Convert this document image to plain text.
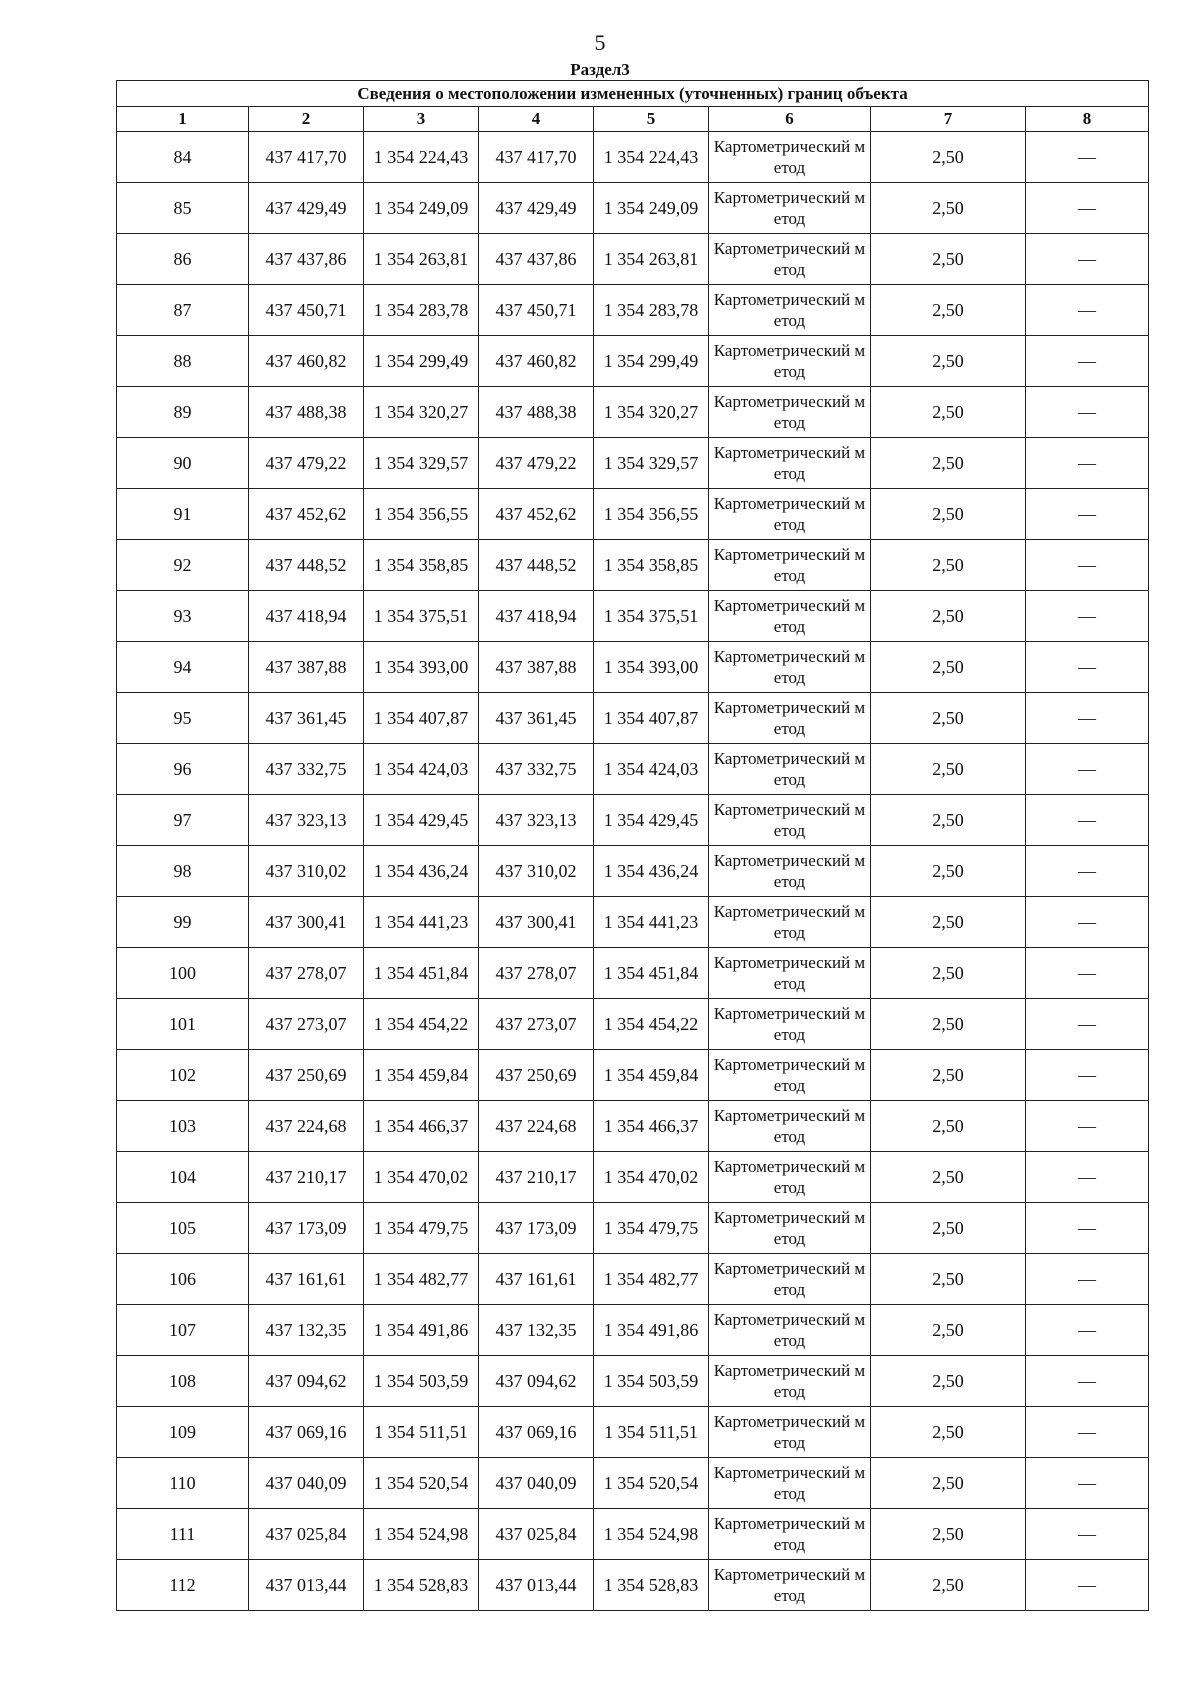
5
Раздел3
Сведения о местоположении измененных (уточненных) границ объекта							
1	2	3	4	5	6	7	8
84	437 417,70	1 354 224,43	437 417,70	1 354 224,43	Картометрический метод	2,50	—
85	437 429,49	1 354 249,09	437 429,49	1 354 249,09	Картометрический метод	2,50	—
86	437 437,86	1 354 263,81	437 437,86	1 354 263,81	Картометрический метод	2,50	—
87	437 450,71	1 354 283,78	437 450,71	1 354 283,78	Картометрический метод	2,50	—
88	437 460,82	1 354 299,49	437 460,82	1 354 299,49	Картометрический метод	2,50	—
89	437 488,38	1 354 320,27	437 488,38	1 354 320,27	Картометрический метод	2,50	—
90	437 479,22	1 354 329,57	437 479,22	1 354 329,57	Картометрический метод	2,50	—
91	437 452,62	1 354 356,55	437 452,62	1 354 356,55	Картометрический метод	2,50	—
92	437 448,52	1 354 358,85	437 448,52	1 354 358,85	Картометрический метод	2,50	—
93	437 418,94	1 354 375,51	437 418,94	1 354 375,51	Картометрический метод	2,50	—
94	437 387,88	1 354 393,00	437 387,88	1 354 393,00	Картометрический метод	2,50	—
95	437 361,45	1 354 407,87	437 361,45	1 354 407,87	Картометрический метод	2,50	—
96	437 332,75	1 354 424,03	437 332,75	1 354 424,03	Картометрический метод	2,50	—
97	437 323,13	1 354 429,45	437 323,13	1 354 429,45	Картометрический метод	2,50	—
98	437 310,02	1 354 436,24	437 310,02	1 354 436,24	Картометрический метод	2,50	—
99	437 300,41	1 354 441,23	437 300,41	1 354 441,23	Картометрический метод	2,50	—
100	437 278,07	1 354 451,84	437 278,07	1 354 451,84	Картометрический метод	2,50	—
101	437 273,07	1 354 454,22	437 273,07	1 354 454,22	Картометрический метод	2,50	—
102	437 250,69	1 354 459,84	437 250,69	1 354 459,84	Картометрический метод	2,50	—
103	437 224,68	1 354 466,37	437 224,68	1 354 466,37	Картометрический метод	2,50	—
104	437 210,17	1 354 470,02	437 210,17	1 354 470,02	Картометрический метод	2,50	—
105	437 173,09	1 354 479,75	437 173,09	1 354 479,75	Картометрический метод	2,50	—
106	437 161,61	1 354 482,77	437 161,61	1 354 482,77	Картометрический метод	2,50	—
107	437 132,35	1 354 491,86	437 132,35	1 354 491,86	Картометрический метод	2,50	—
108	437 094,62	1 354 503,59	437 094,62	1 354 503,59	Картометрический метод	2,50	—
109	437 069,16	1 354 511,51	437 069,16	1 354 511,51	Картометрический метод	2,50	—
110	437 040,09	1 354 520,54	437 040,09	1 354 520,54	Картометрический метод	2,50	—
111	437 025,84	1 354 524,98	437 025,84	1 354 524,98	Картометрический метод	2,50	—
112	437 013,44	1 354 528,83	437 013,44	1 354 528,83	Картометрический метод	2,50	—
